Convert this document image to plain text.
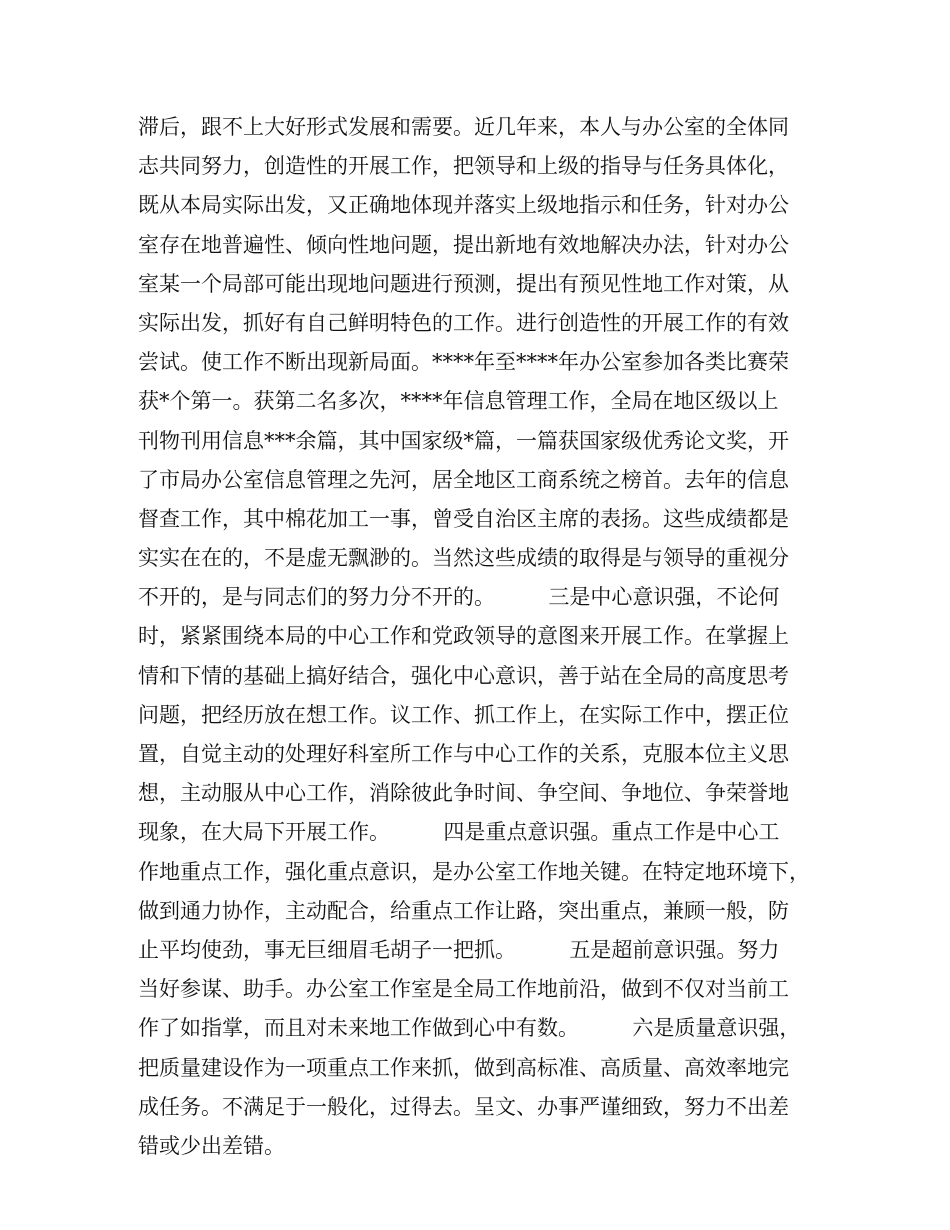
滞后，跟不上大好形式发展和需要。近几年来，本人与办公室的全体同
志共同努力，创造性的开展工作，把领导和上级的指导与任务具体化，
既从本局实际出发，又正确地体现并落实上级地指示和任务，针对办公
室存在地普遍性、倾向性地问题，提出新地有效地解决办法，针对办公
室某一个局部可能出现地问题进行预测，提出有预见性地工作对策，从
实际出发，抓好有自己鲜明特色的工作。进行创造性的开展工作的有效
尝试。使工作不断出现新局面。****年至****年办公室参加各类比赛荣
获*个第一。获第二名多次，****年信息管理工作，全局在地区级以上
刊物刊用信息***余篇，其中国家级*篇，一篇获国家级优秀论文奖，开
了市局办公室信息管理之先河，居全地区工商系统之榜首。去年的信息
督查工作，其中棉花加工一事，曾受自治区主席的表扬。这些成绩都是
实实在在的，不是虚无飘渺的。当然这些成绩的取得是与领导的重视分
不开的，是与同志们的努力分不开的。        三是中心意识强，不论何
时，紧紧围绕本局的中心工作和党政领导的意图来开展工作。在掌握上
情和下情的基础上搞好结合，强化中心意识，善于站在全局的高度思考
问题，把经历放在想工作。议工作、抓工作上，在实际工作中，摆正位
置，自觉主动的处理好科室所工作与中心工作的关系，克服本位主义思
想，主动服从中心工作，消除彼此争时间、争空间、争地位、争荣誉地
现象，在大局下开展工作。        四是重点意识强。重点工作是中心工
作地重点工作，强化重点意识，是办公室工作地关键。在特定地环境下，
做到通力协作，主动配合，给重点工作让路，突出重点，兼顾一般，防
止平均使劲，事无巨细眉毛胡子一把抓。        五是超前意识强。努力
当好参谋、助手。办公室工作室是全局工作地前沿，做到不仅对当前工
作了如指掌，而且对未来地工作做到心中有数。        六是质量意识强，
把质量建设作为一项重点工作来抓，做到高标准、高质量、高效率地完
成任务。不满足于一般化，过得去。呈文、办事严谨细致，努力不出差
错或少出差错。
